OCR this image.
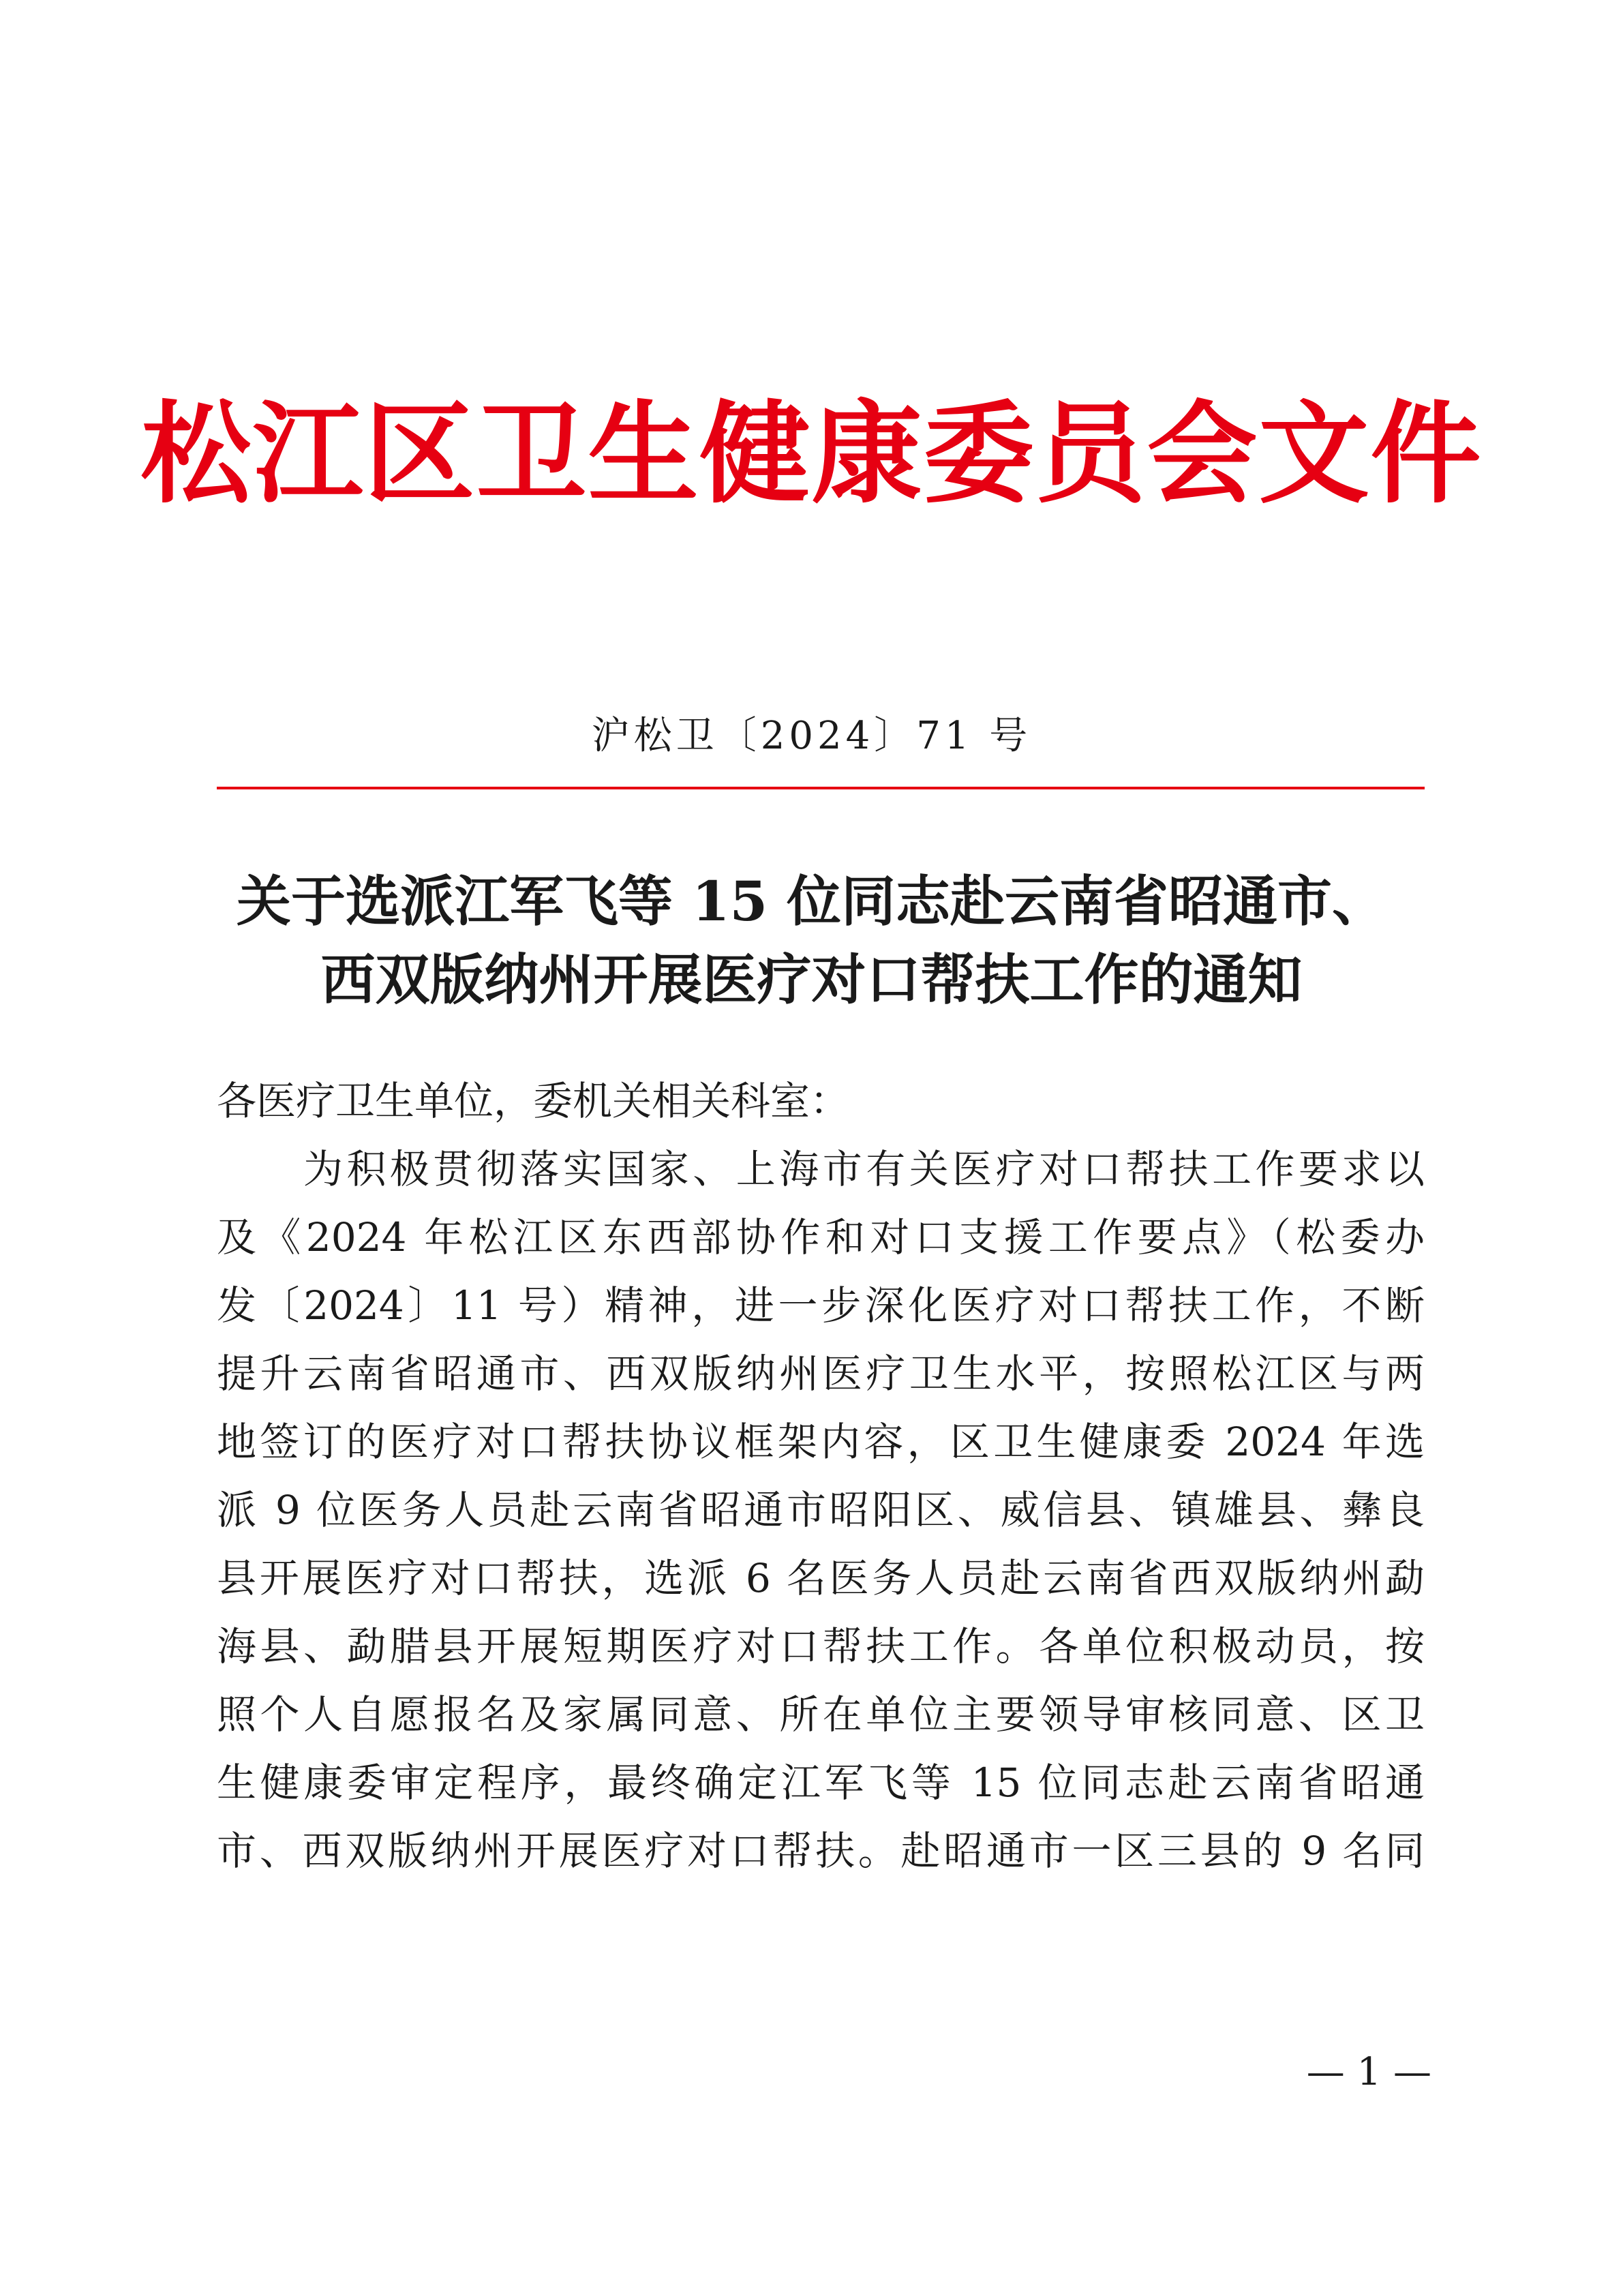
松江区卫生健康委员会文件
沪松卫〔2024〕71 号
关于选派江军飞等 15 位同志赴云南省昭通市、
西双版纳州开展医疗对口帮扶工作的通知
各医疗卫生单位，委机关相关科室：
　　为积极贯彻落实国家、上海市有关医疗对口帮扶工作要求以
及《2024 年松江区东西部协作和对口支援工作要点》（松委办
发〔2024〕11 号）精神，进一步深化医疗对口帮扶工作，不断
提升云南省昭通市、西双版纳州医疗卫生水平，按照松江区与两
地签订的医疗对口帮扶协议框架内容，区卫生健康委 2024 年选
派 9 位医务人员赴云南省昭通市昭阳区、威信县、镇雄县、彝良
县开展医疗对口帮扶，选派 6 名医务人员赴云南省西双版纳州勐
海县、勐腊县开展短期医疗对口帮扶工作。各单位积极动员，按
照个人自愿报名及家属同意、所在单位主要领导审核同意、区卫
生健康委审定程序，最终确定江军飞等 15 位同志赴云南省昭通
市、西双版纳州开展医疗对口帮扶。赴昭通市一区三县的 9 名同
— 1 —
